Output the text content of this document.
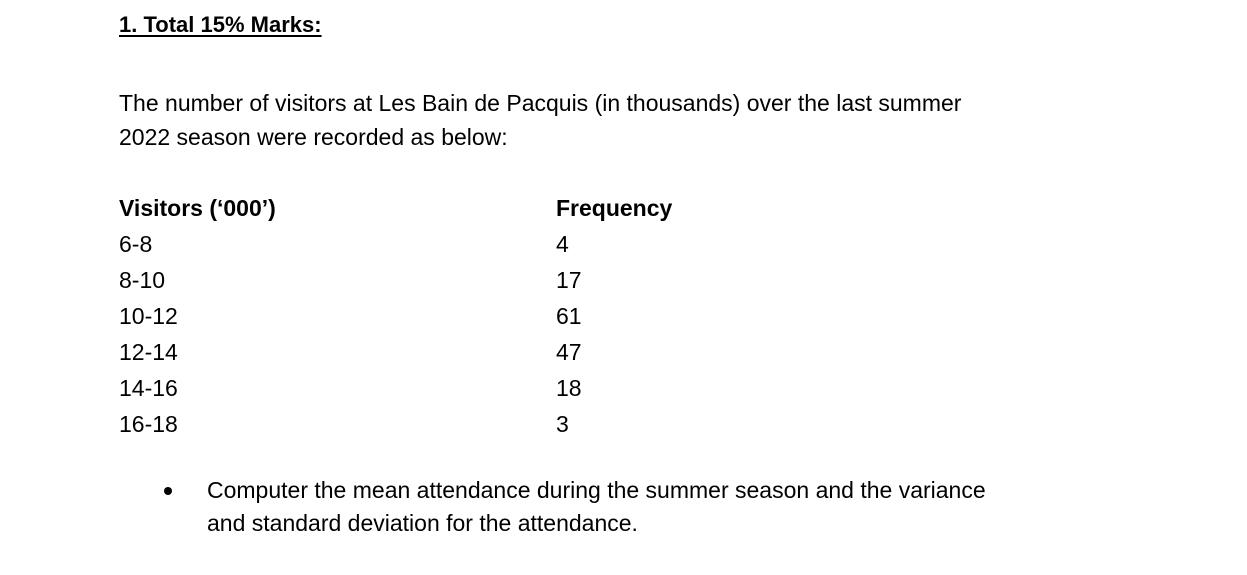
1. Total 15% Marks:
The number of visitors at Les Bain de Pacquis (in thousands) over the last summer
2022 season were recorded as below:
Visitors (‘000’)	Frequency
6-8	4
8-10	17
10-12	61
12-14	47
14-16	18
16-18	3
Computer the mean attendance during the summer season and the variance
and standard deviation for the attendance.
